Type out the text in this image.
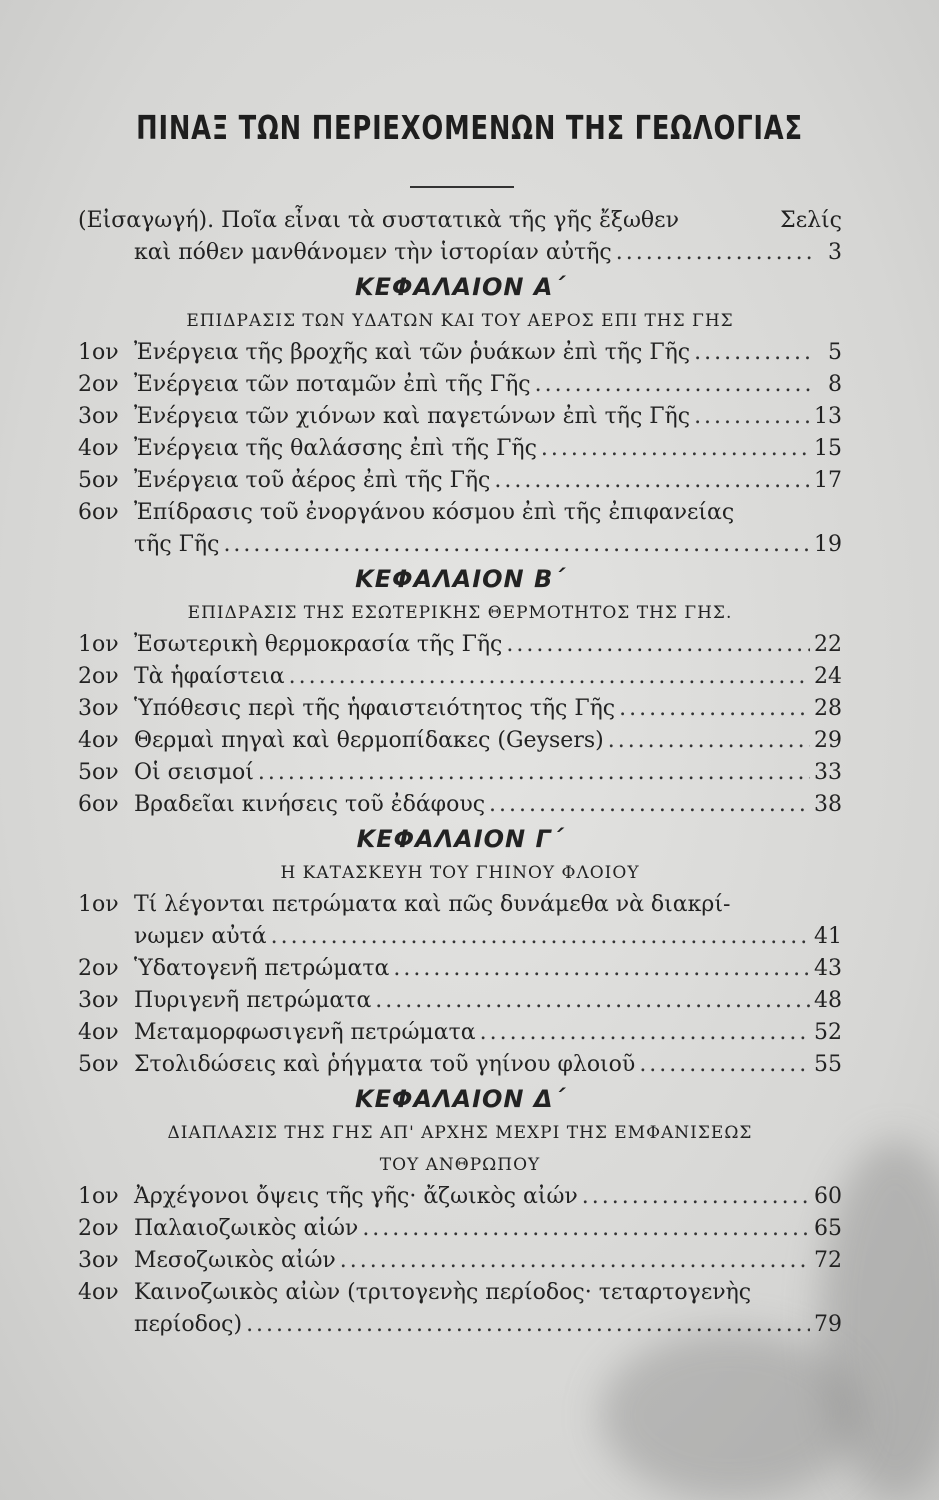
ΠΙΝΑΞ ΤΩΝ ΠΕΡΙΕΧΟΜΕΝΩΝ ΤΗΣ ΓΕΩΛΟΓΙΑΣ
(Εἰσαγωγή). Ποῖα εἶναι τὰ συστατικὰ τῆς γῆς ἔξωθεν	Σελίς
καὶ πόθεν μανθάνομεν τὴν ἱστορίαν αὐτῆς .....	3
ΚΕΦΑΛΑΙΟΝ Α΄
ΕΠΙΔΡΑΣΙΣ ΤΩΝ ΥΔΑΤΩΝ ΚΑΙ ΤΟΥ ΑΕΡΟΣ ΕΠΙ ΤΗΣ ΓΗΣ
1ον Ἐνέργεια τῆς βροχῆς καὶ τῶν ῥυάκων ἐπὶ τῆς Γῆς .....	5
2ον Ἐνέργεια τῶν ποταμῶν ἐπὶ τῆς Γῆς .....	8
3ον Ἐνέργεια τῶν χιόνων καὶ παγετώνων ἐπὶ τῆς Γῆς .....	13
4ον Ἐνέργεια τῆς θαλάσσης ἐπὶ τῆς Γῆς .....	15
5ον Ἐνέργεια τοῦ ἀέρος ἐπὶ τῆς Γῆς .....	17
6ον Ἐπίδρασις τοῦ ἐνοργάνου κόσμου ἐπὶ τῆς ἐπιφανείας
τῆς Γῆς .....	19
ΚΕΦΑΛΑΙΟΝ Β΄
ΕΠΙΔΡΑΣΙΣ ΤΗΣ ΕΣΩΤΕΡΙΚΗΣ ΘΕΡΜΟΤΗΤΟΣ ΤΗΣ ΓΗΣ.
1ον Ἐσωτερικὴ θερμοκρασία τῆς Γῆς .....	22
2ον Τὰ ἡφαίστεια .....	24
3ον Ὑπόθεσις περὶ τῆς ἡφαιστειότητος τῆς Γῆς .....	28
4ον Θερμαὶ πηγαὶ καὶ θερμοπίδακες (Geysers) .....	29
5ον Οἱ σεισμοί .....	33
6ον Βραδεῖαι κινήσεις τοῦ ἐδάφους .....	38
ΚΕΦΑΛΑΙΟΝ Γ΄
Η ΚΑΤΑΣΚΕΥΗ ΤΟΥ ΓΗΙΝΟΥ ΦΛΟΙΟΥ
1ον Τί λέγονται πετρώματα καὶ πῶς δυνάμεθα νὰ διακρί-
νωμεν αὐτά .....	41
2ον Ὑδατογενῆ πετρώματα .....	43
3ον Πυριγενῆ πετρώματα .....	48
4ον Μεταμορφωσιγενῆ πετρώματα .....	52
5ον Στολιδώσεις καὶ ῥήγματα τοῦ γηίνου φλοιοῦ .....	55
ΚΕΦΑΛΑΙΟΝ Δ΄
ΔΙΑΠΛΑΣΙΣ ΤΗΣ ΓΗΣ ΑΠ' ΑΡΧΗΣ ΜΕΧΡΙ ΤΗΣ ΕΜΦΑΝΙΣΕΩΣ
ΤΟΥ ΑΝΘΡΩΠΟΥ
1ον Ἀρχέγονοι ὄψεις τῆς γῆς· ἄζωικὸς αἰών .....	60
2ον Παλαιοζωικὸς αἰών .....	65
3ον Μεσοζωικὸς αἰών .....	72
4ον Καινοζωικὸς αἰὼν (τριτογενὴς περίοδος· τεταρτογενὴς
περίοδος) .....	79
